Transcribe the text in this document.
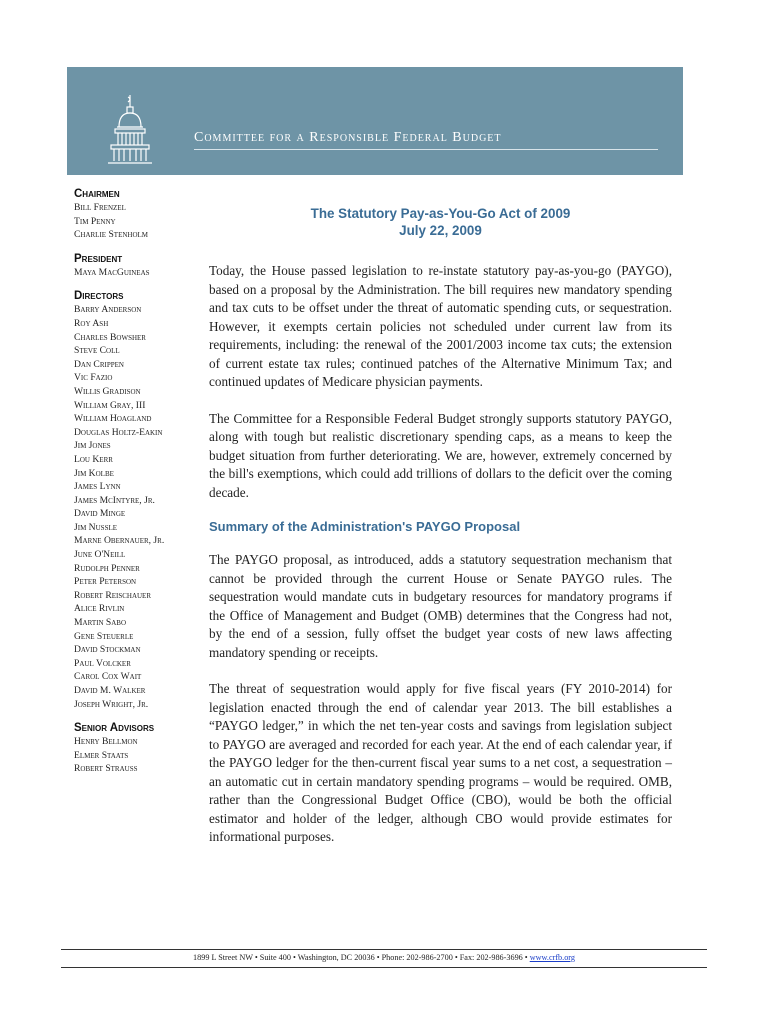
Committee for a Responsible Federal Budget
Chairmen
Bill Frenzel
Tim Penny
Charlie Stenholm
President
Maya MacGuineas
Directors
Barry Anderson
Roy Ash
Charles Bowsher
Steve Coll
Dan Crippen
Vic Fazio
Willis Gradison
William Gray, III
William Hoagland
Douglas Holtz-Eakin
Jim Jones
Lou Kerr
Jim Kolbe
James Lynn
James McIntyre, Jr.
David Minge
Jim Nussle
Marne Obernauer, Jr.
June O'Neill
Rudolph Penner
Peter Peterson
Robert Reischauer
Alice Rivlin
Martin Sabo
Gene Steuerle
David Stockman
Paul Volcker
Carol Cox Wait
David M. Walker
Joseph Wright, Jr.
Senior Advisors
Henry Bellmon
Elmer Staats
Robert Strauss

The Statutory Pay-as-You-Go Act of 2009

July 22, 2009

Today, the House passed legislation to re-instate statutory pay-as-you-go (PAYGO), based on a proposal by the Administration. The bill requires new mandatory spending and tax cuts to be offset under the threat of automatic spending cuts, or sequestration. However, it exempts certain policies not scheduled under current law from its requirements, including: the renewal of the 2001/2003 income tax cuts; the extension of current estate tax rules; continued patches of the Alternative Minimum Tax; and continued updates of Medicare physician payments.

The Committee for a Responsible Federal Budget strongly supports statutory PAYGO, along with tough but realistic discretionary spending caps, as a means to keep the budget situation from further deteriorating. We are, however, extremely concerned by the bill's exemptions, which could add trillions of dollars to the deficit over the coming decade.

Summary of the Administration's PAYGO Proposal

The PAYGO proposal, as introduced, adds a statutory sequestration mechanism that cannot be provided through the current House or Senate PAYGO rules. The sequestration would mandate cuts in budgetary resources for mandatory programs if the Office of Management and Budget (OMB) determines that the Congress had not, by the end of a session, fully offset the budget year costs of new laws affecting mandatory spending or receipts.

The threat of sequestration would apply for five fiscal years (FY 2010-2014) for legislation enacted through the end of calendar year 2013. The bill establishes a “PAYGO ledger,” in which the net ten-year costs and savings from legislation subject to PAYGO are averaged and recorded for each year. At the end of each calendar year, if the PAYGO ledger for the then-current fiscal year sums to a net cost, a sequestration – an automatic cut in certain mandatory spending programs – would be required. OMB, rather than the Congressional Budget Office (CBO), would be both the official estimator and holder of the ledger, although CBO would provide estimates for informational purposes.

1899 L Street NW • Suite 400 • Washington, DC 20036 • Phone: 202-986-2700 • Fax: 202-986-3696 • www.crfb.org
